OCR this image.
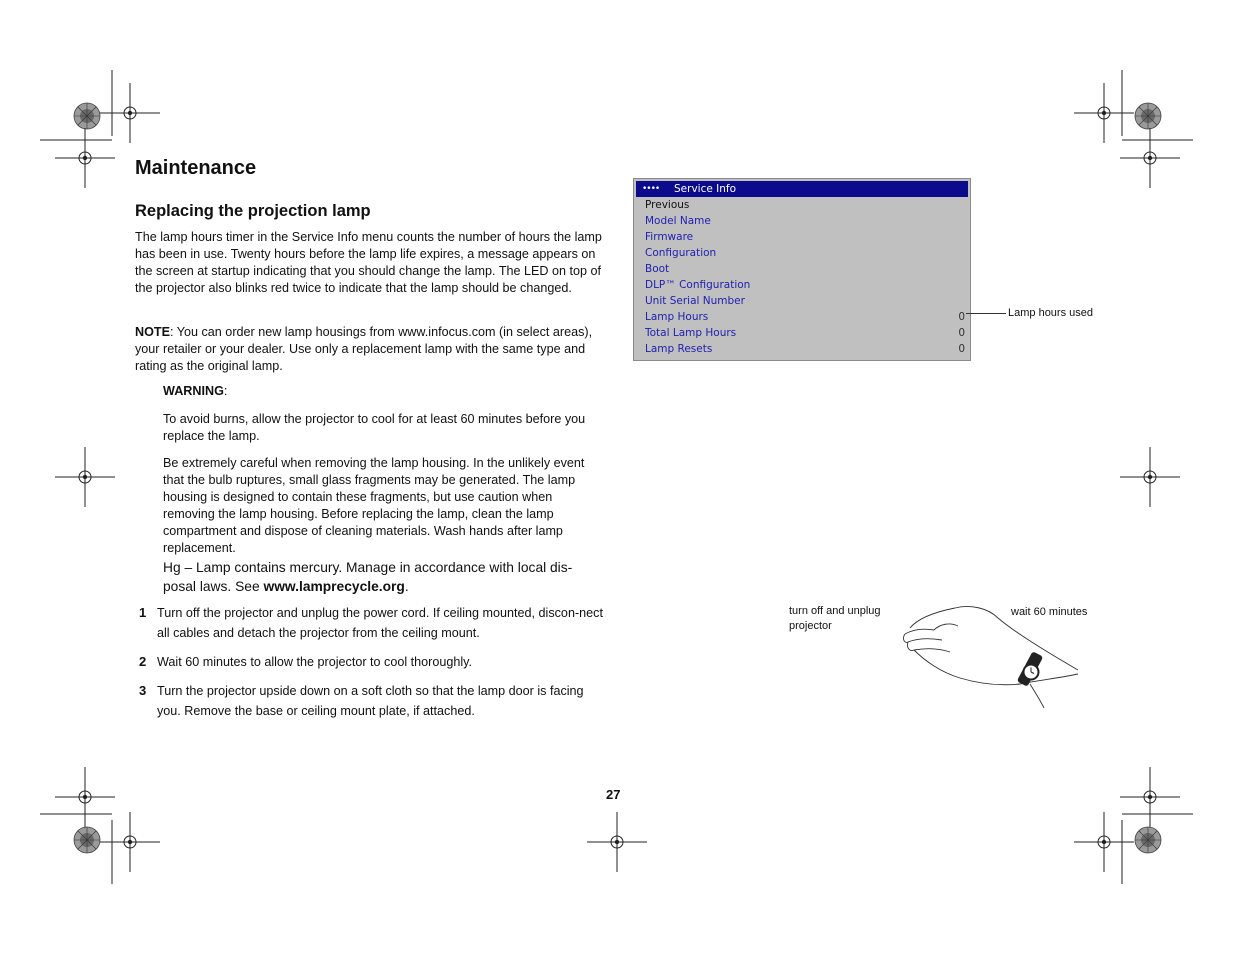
Maintenance
Replacing the projection lamp
The lamp hours timer in the Service Info menu counts the number of hours the lamp has been in use. Twenty hours before the lamp life expires, a message appears on the screen at startup indicating that you should change the lamp. The LED on top of the projector also blinks red twice to indicate that the lamp should be changed.
NOTE: You can order new lamp housings from www.infocus.com (in select areas), your retailer or your dealer. Use only a replacement lamp with the same type and rating as the original lamp.
WARNING:
To avoid burns, allow the projector to cool for at least 60 minutes before you replace the lamp.
Be extremely careful when removing the lamp housing. In the unlikely event that the bulb ruptures, small glass fragments may be generated. The lamp housing is designed to contain these fragments, but use caution when removing the lamp housing. Before replacing the lamp, clean the lamp compartment and dispose of cleaning materials. Wash hands after lamp replacement.
Hg – Lamp contains mercury. Manage in accordance with local dis-posal laws. See www.lamprecycle.org.
1 Turn off the projector and unplug the power cord. If ceiling mounted, discon-nect all cables and detach the projector from the ceiling mount.
2 Wait 60 minutes to allow the projector to cool thoroughly.
3 Turn the projector upside down on a soft cloth so that the lamp door is facing you. Remove the base or ceiling mount plate, if attached.
•••• Service Info
Previous
Model Name
Firmware
Configuration
Boot
DLP™ Configuration
Unit Serial Number
Lamp Hours	0
Total Lamp Hours	0
Lamp Resets	0
Lamp hours used
turn off and unplug projector
wait 60 minutes
27
